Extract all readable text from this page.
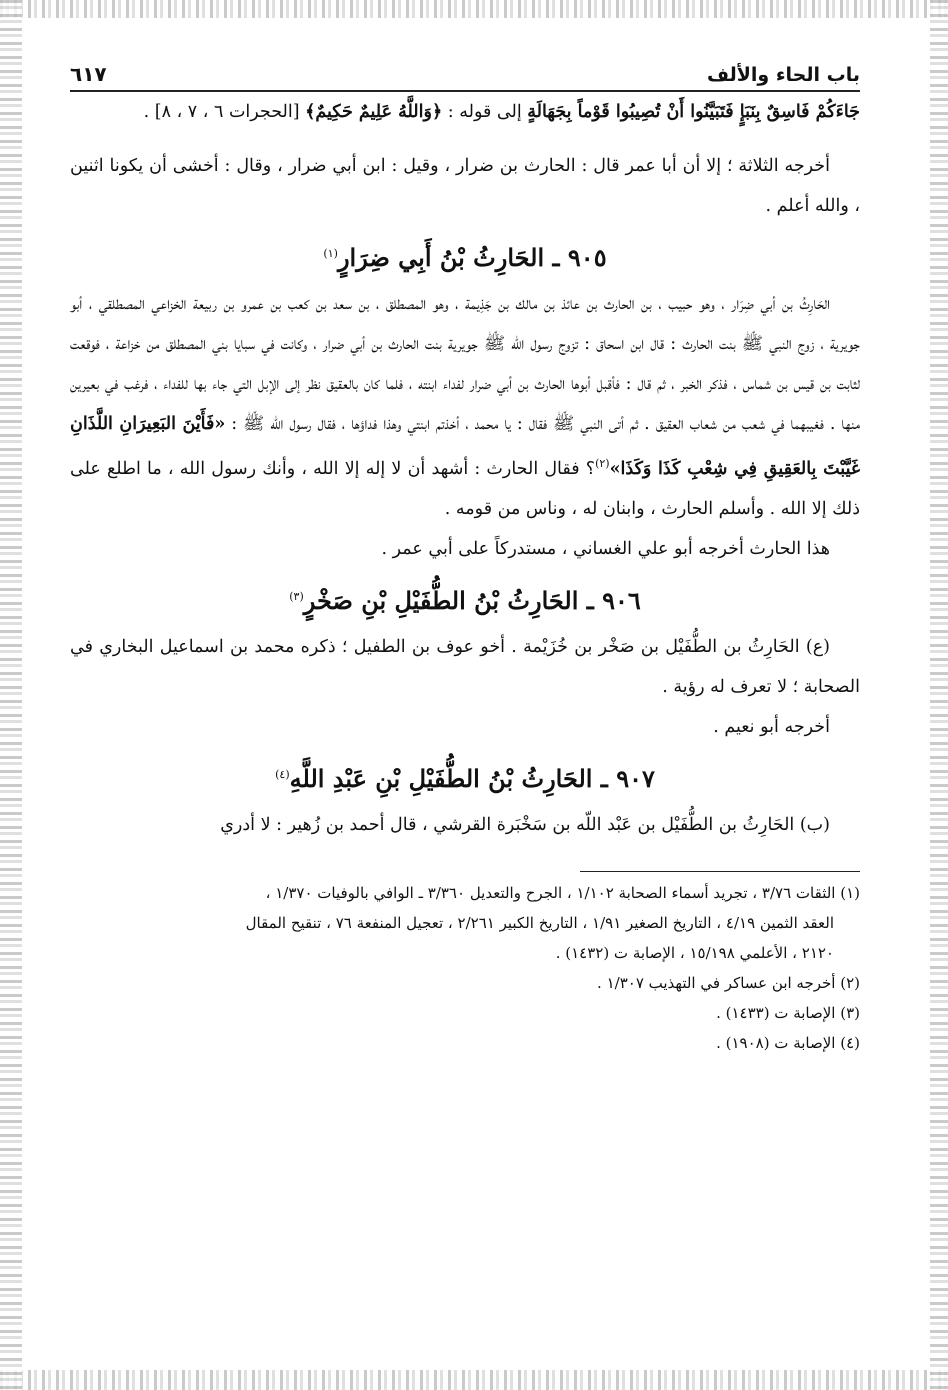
٦١٧	باب الحاء والألف

جَاءَكُمْ فَاسِقٌ بِنَبَإٍ فَتَبَيَّنُوا أَنْ تُصِيبُوا قَوْماً بِجَهَالَةٍ إلى قوله : ﴿وَاللَّهُ عَلِيمٌ حَكِيمٌ﴾ [الحجرات ٦ ، ٧ ، ٨] .

أخرجه الثلاثة ؛ إلا أن أبا عمر قال : الحارث بن ضرار ، وقيل : ابن أبي ضرار ، وقال : أخشى أن يكونا اثنين ، والله أعلم .

٩٠٥ ـ الحَارِثُ بْنُ أَبِي ضِرَارٍ$^{(١)}$

الحَارِثُ بن أبي ضِرَار ، وهو حبيب ، بن الحارث بن عائذ بن مالك بن جَذِيمة ، وهو المصطلق ، بن سعد بن كعب بن عمرو بن ربيعة الخزاعي المصطلقي ، أبو جويرية ، زوج النبي ﷺ بنت الحارث : قال ابن اسحاق : تزوج رسول الله ﷺ جويرية بنت الحارث بن أبي ضرار ، وكانت في سبايا بني المصطلق من خزاعة ، فوقعت لثابت بن قيس بن شماس ، فذكر الخبر ، ثم قال : فأقبل أبوها الحارث بن أبي ضرار لفداء ابنته ، فلما كان بالعقيق نظر إلى الإبل التي جاء بها للفداء ، فرغب في بعيرين منها . فغيبهما في شعب من شعاب العقيق . ثم أتى النبي ﷺ فقال : يا محمد ، أخذتم ابنتي وهذا فداؤها ، فقال رسول الله ﷺ : «فَأَيْنَ البَعِيرَانِ اللَّذَانِ غَيَّبْتَ بِالعَقِيقِ فِي شِعْبِ كَذَا وَكَذَا»$^{(٢)}$؟ فقال الحارث : أشهد أن لا إله إلا الله ، وأنك رسول الله ، ما اطلع على ذلك إلا الله . وأسلم الحارث ، وابنان له ، وناس من قومه .

هذا الحارث أخرجه أبو علي الغساني ، مستدركاً على أبي عمر .

٩٠٦ ـ الحَارِثُ بْنُ الطُّفَيْلِ بْنِ صَخْرٍ$^{(٣)}$

(ع) الحَارِثُ بن الطُّفَيْل بن صَخْر بن خُزَيْمة . أخو عوف بن الطفيل ؛ ذكره محمد بن اسماعيل البخاري في الصحابة ؛ لا تعرف له رؤية .

أخرجه أبو نعيم .

٩٠٧ ـ الحَارِثُ بْنُ الطُّفَيْلِ بْنِ عَبْدِ اللَّهِ$^{(٤)}$

(ب) الحَارِثُ بن الطُّفَيْل بن عَبْد اللّه بن سَخْبَرة القرشي ، قال أحمد بن زُهير : لا أدري

(١) الثقات ٣/٧٦ ، تجريد أسماء الصحابة ١/١٠٢ ، الجرح والتعديل ٣/٣٦٠ ـ الوافي بالوفيات ١/٣٧٠ ،

العقد الثمين ٤/١٩ ، التاريخ الصغير ١/٩١ ، التاريخ الكبير ٢/٢٦١ ، تعجيل المنفعة ٧٦ ، تنقيح المقال

٢١٢٠ ، الأعلمي ١٥/١٩٨ ، الإصابة ت (١٤٣٢) .

(٢) أخرجه ابن عساكر في التهذيب ١/٣٠٧ .

(٣) الإصابة ت (١٤٣٣) .

(٤) الإصابة ت (١٩٠٨) .
